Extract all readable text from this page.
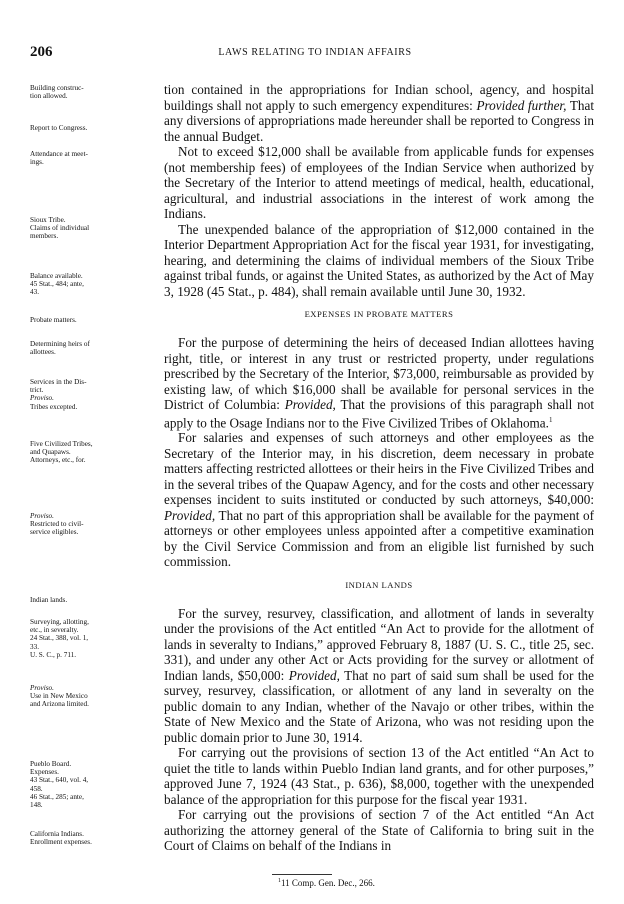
206	LAWS RELATING TO INDIAN AFFAIRS
Building construc-
tion allowed.
Report to Congress.
Attendance at meet-
ings.
Sioux Tribe.
Claims of individual
members.
Balance available.
45 Stat., 484; ante,
43.
Probate matters.
Determining heirs of
allottees.
Services in the Dis-
trict.
Proviso.
Tribes excepted.
Five Civilized Tribes,
and Quapaws.
Attorneys, etc., for.
Proviso.
Restricted to civil-
service eligibles.
Indian lands.
Surveying, allotting,
etc., in severalty.
24 Stat., 388, vol. 1,
33.
U. S. C., p. 711.
Proviso.
Use in New Mexico
and Arizona limited.
Pueblo Board.
Expenses.
43 Stat., 640, vol. 4,
458.
46 Stat., 285; ante,
148.
California Indians.
Enrollment expenses.

tion contained in the appropriations for Indian school, agency, and hospital buildings shall not apply to such emergency expenditures: Provided further, That any diversions of appropriations made hereunder shall be reported to Congress in the annual Budget.

Not to exceed $12,000 shall be available from applicable funds for expenses (not membership fees) of employees of the Indian Service when authorized by the Secretary of the Interior to attend meetings of medical, health, educational, agricultural, and industrial associations in the interest of work among the Indians.

The unexpended balance of the appropriation of $12,000 contained in the Interior Department Appropriation Act for the fiscal year 1931, for investigating, hearing, and determining the claims of individual members of the Sioux Tribe against tribal funds, or against the United States, as authorized by the Act of May 3, 1928 (45 Stat., p. 484), shall remain available until June 30, 1932.

EXPENSES IN PROBATE MATTERS

For the purpose of determining the heirs of deceased Indian allottees having right, title, or interest in any trust or restricted property, under regulations prescribed by the Secretary of the Interior, $73,000, reimbursable as provided by existing law, of which $16,000 shall be available for personal services in the District of Columbia: Provided, That the provisions of this paragraph shall not apply to the Osage Indians nor to the Five Civilized Tribes of Oklahoma.$^1$

For salaries and expenses of such attorneys and other employees as the Secretary of the Interior may, in his discretion, deem necessary in probate matters affecting restricted allottees or their heirs in the Five Civilized Tribes and in the several tribes of the Quapaw Agency, and for the costs and other necessary expenses incident to suits instituted or conducted by such attorneys, $40,000: Provided, That no part of this appropriation shall be available for the payment of attorneys or other employees unless appointed after a competitive examination by the Civil Service Commission and from an eligible list furnished by such commission.

INDIAN LANDS

For the survey, resurvey, classification, and allotment of lands in severalty under the provisions of the Act entitled “An Act to provide for the allotment of lands in severalty to Indians,” approved February 8, 1887 (U. S. C., title 25, sec. 331), and under any other Act or Acts providing for the survey or allotment of Indian lands, $50,000: Provided, That no part of said sum shall be used for the survey, resurvey, classification, or allotment of any land in severalty on the public domain to any Indian, whether of the Navajo or other tribes, within the State of New Mexico and the State of Arizona, who was not residing upon the public domain prior to June 30, 1914.

For carrying out the provisions of section 13 of the Act entitled “An Act to quiet the title to lands within Pueblo Indian land grants, and for other purposes,” approved June 7, 1924 (43 Stat., p. 636), $8,000, together with the unexpended balance of the appropriation for this purpose for the fiscal year 1931.

For carrying out the provisions of section 7 of the Act entitled “An Act authorizing the attorney general of the State of California to bring suit in the Court of Claims on behalf of the Indians in

$^1$11 Comp. Gen. Dec., 266.
